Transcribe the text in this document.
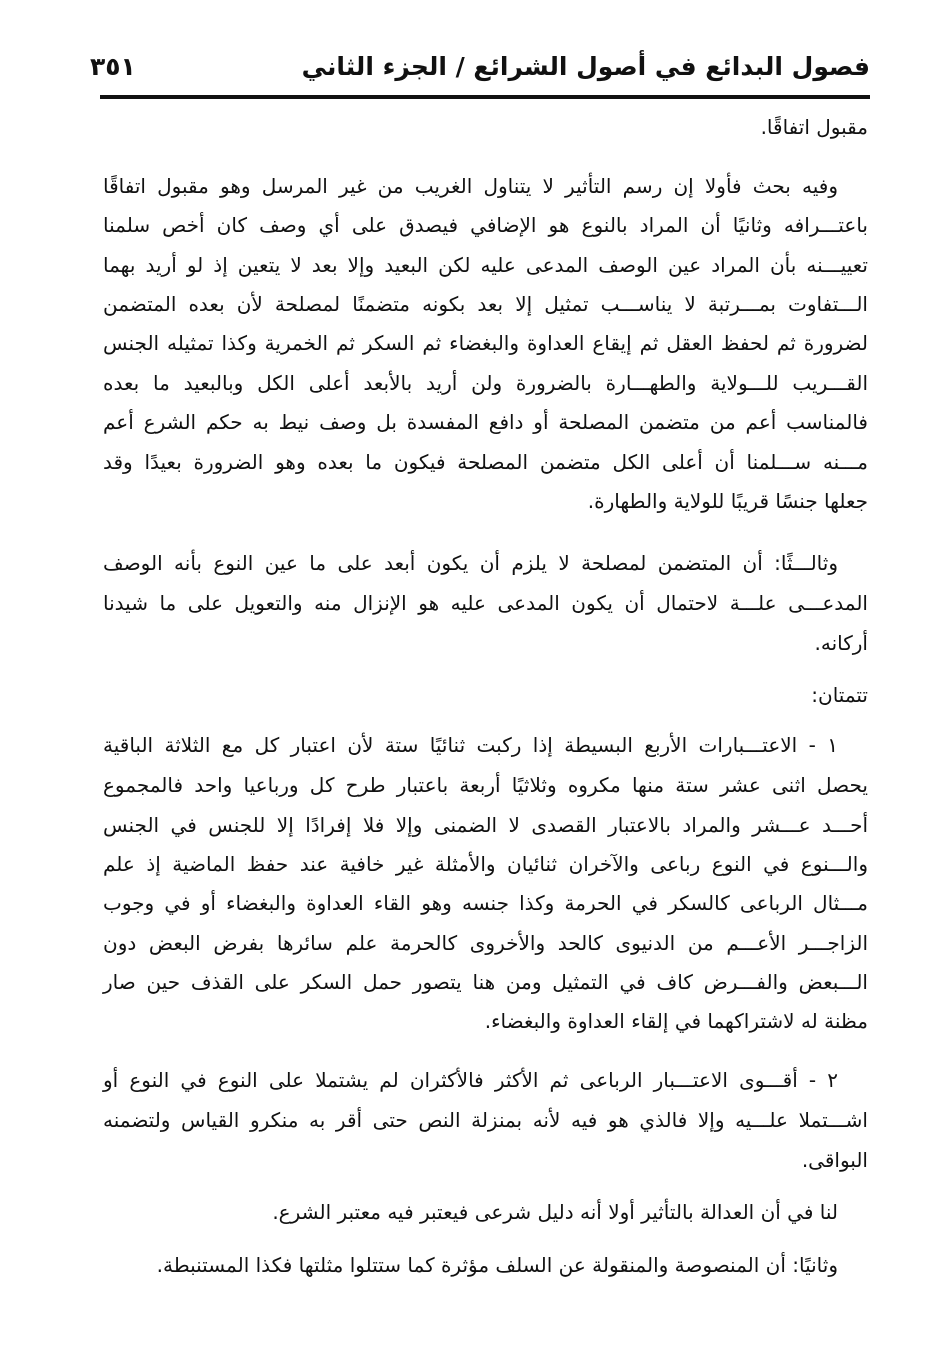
فصول البدائع في أصول الشرائع / الجزء الثاني
٣٥١
مقبول اتفاقًا.
وفيه بحث فأولا إن رسم التأثير لا يتناول الغريب من غير المرسل وهو مقبول اتفاقًا
باعتـــرافه وثانيًا أن المراد بالنوع هو الإضافي فيصدق على أي وصف كان أخص سلمنا
تعييـــنه بأن المراد عين الوصف المدعى عليه لكن البعيد وإلا بعد لا يتعين إذ لو أريد بهما
الـــتفاوت بمـــرتبة لا يناســـب تمثيل إلا بعد بكونه متضمنًا لمصلحة لأن بعده المتضمن
لضرورة ثم لحفظ العقل ثم إيقاع العداوة والبغضاء ثم السكر ثم الخمرية وكذا تمثيله الجنس
القـــريب للـــولاية والطهـــارة بالضرورة ولن أريد بالأبعد أعلى الكل وبالبعيد ما بعده
فالمناسب أعم من متضمن المصلحة أو دافع المفسدة بل وصف نيط به حكم الشرع أعم
مـــنه ســـلمنا أن أعلى الكل متضمن المصلحة فيكون ما بعده وهو الضرورة بعيدًا وقد
جعلها جنسًا قريبًا للولاية والطهارة.
وثالـــثًا: أن المتضمن لمصلحة لا يلزم أن يكون أبعد على ما عين النوع بأنه الوصف
المدعـــى علـــة لاحتمال أن يكون المدعى عليه هو الإنزال منه والتعويل على ما شيدنا
أركانه.
تتمتان:
١ - الاعتـــبارات الأربع البسيطة إذا ركبت ثنائيًا ستة لأن اعتبار كل مع الثلاثة الباقية
يحصل اثنى عشر ستة منها مكروه وثلاثيًا أربعة باعتبار طرح كل ورباعيا واحد فالمجموع
أحـــد عـــشر والمراد بالاعتبار القصدى لا الضمنى وإلا فلا إفرادًا إلا للجنس في الجنس
والـــنوع في النوع رباعى والآخران ثنائيان والأمثلة غير خافية عند حفظ الماضية إذ علم
مـــثال الرباعى كالسكر في الحرمة وكذا جنسه وهو القاء العداوة والبغضاء أو في وجوب
الزاجـــر الأعـــم من الدنيوى كالحد والأخروى كالحرمة علم سائرها بفرض البعض دون
الـــبعض والفـــرض كاف في التمثيل ومن هنا يتصور حمل السكر على القذف حين صار
مظنة له لاشتراكهما في إلقاء العداوة والبغضاء.
٢ - أقـــوى الاعتـــبار الرباعى ثم الأكثر فالأكثران لم يشتملا على النوع في النوع أو
اشـــتملا علـــيه وإلا فالذي هو فيه لأنه بمنزلة النص حتى أقر به منكرو القياس ولتضمنه
البواقى.
لنا في أن العدالة بالتأثير أولا أنه دليل شرعى فيعتبر فيه معتبر الشرع.
وثانيًا: أن المنصوصة والمنقولة عن السلف مؤثرة كما ستتلوا مثلتها فكذا المستنبطة.
